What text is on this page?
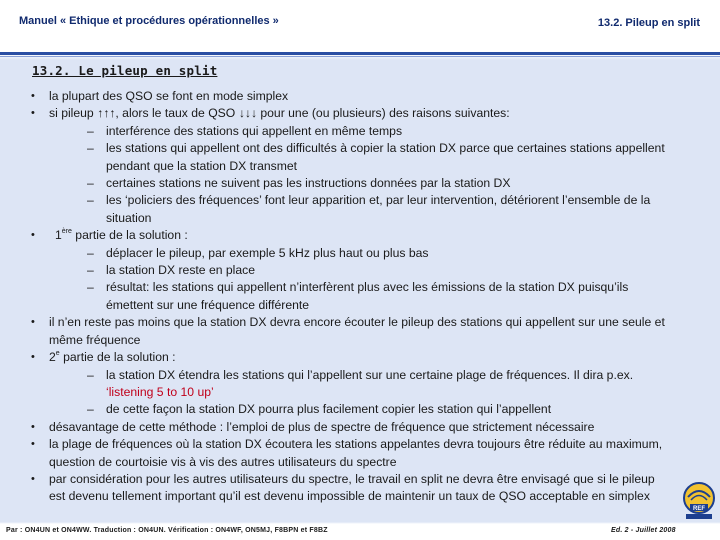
Manuel « Ethique et procédures opérationnelles »	13.2. Pileup en split
13.2. Le pileup en split
• la plupart des QSO se font en mode simplex
• si pileup ↑↑↑, alors le taux de QSO ↓↓↓ pour une (ou plusieurs) des raisons suivantes:
– interférence des stations qui appellent en même temps
– les stations qui appellent ont des difficultés à copier la station DX parce que certaines stations appellent pendant que la station DX transmet
– certaines stations ne suivent pas les instructions données par la station DX
– les ‘policiers des fréquences’ font leur apparition et, par leur intervention, détériorent l’ensemble de la situation
• 1ère partie de la solution :
– déplacer le pileup, par exemple 5 kHz plus haut ou plus bas
– la station DX reste en place
– résultat: les stations qui appellent n’interfèrent plus avec les émissions de la station DX puisqu’ils émettent sur une fréquence différente
• il n’en reste pas moins que la station DX devra encore écouter le pileup des stations qui appellent sur une seule et même fréquence
• 2e partie de la solution :
– la station DX étendra les stations qui l’appellent sur une certaine plage de fréquences. Il dira p.ex. ‘listening 5 to 10 up’
– de cette façon la station DX pourra plus facilement copier les station qui l’appellent
• désavantage de cette méthode : l’emploi de plus de spectre de fréquence que strictement nécessaire
• la plage de fréquences où la station DX écoutera les stations appelantes devra toujours être réduite au maximum, question de courtoisie vis à vis des autres utilisateurs du spectre
• par considération pour les autres utilisateurs du spectre, le travail en split ne devra être envisagé que si le pileup est devenu tellement important qu’il est devenu impossible de maintenir un taux de QSO acceptable en simplex
Par : ON4UN et ON4WW. Traduction : ON4UN. Vérification : ON4WF, ON5MJ, F8BPN et F8BZ	Ed. 2 - Juillet 2008
REF
